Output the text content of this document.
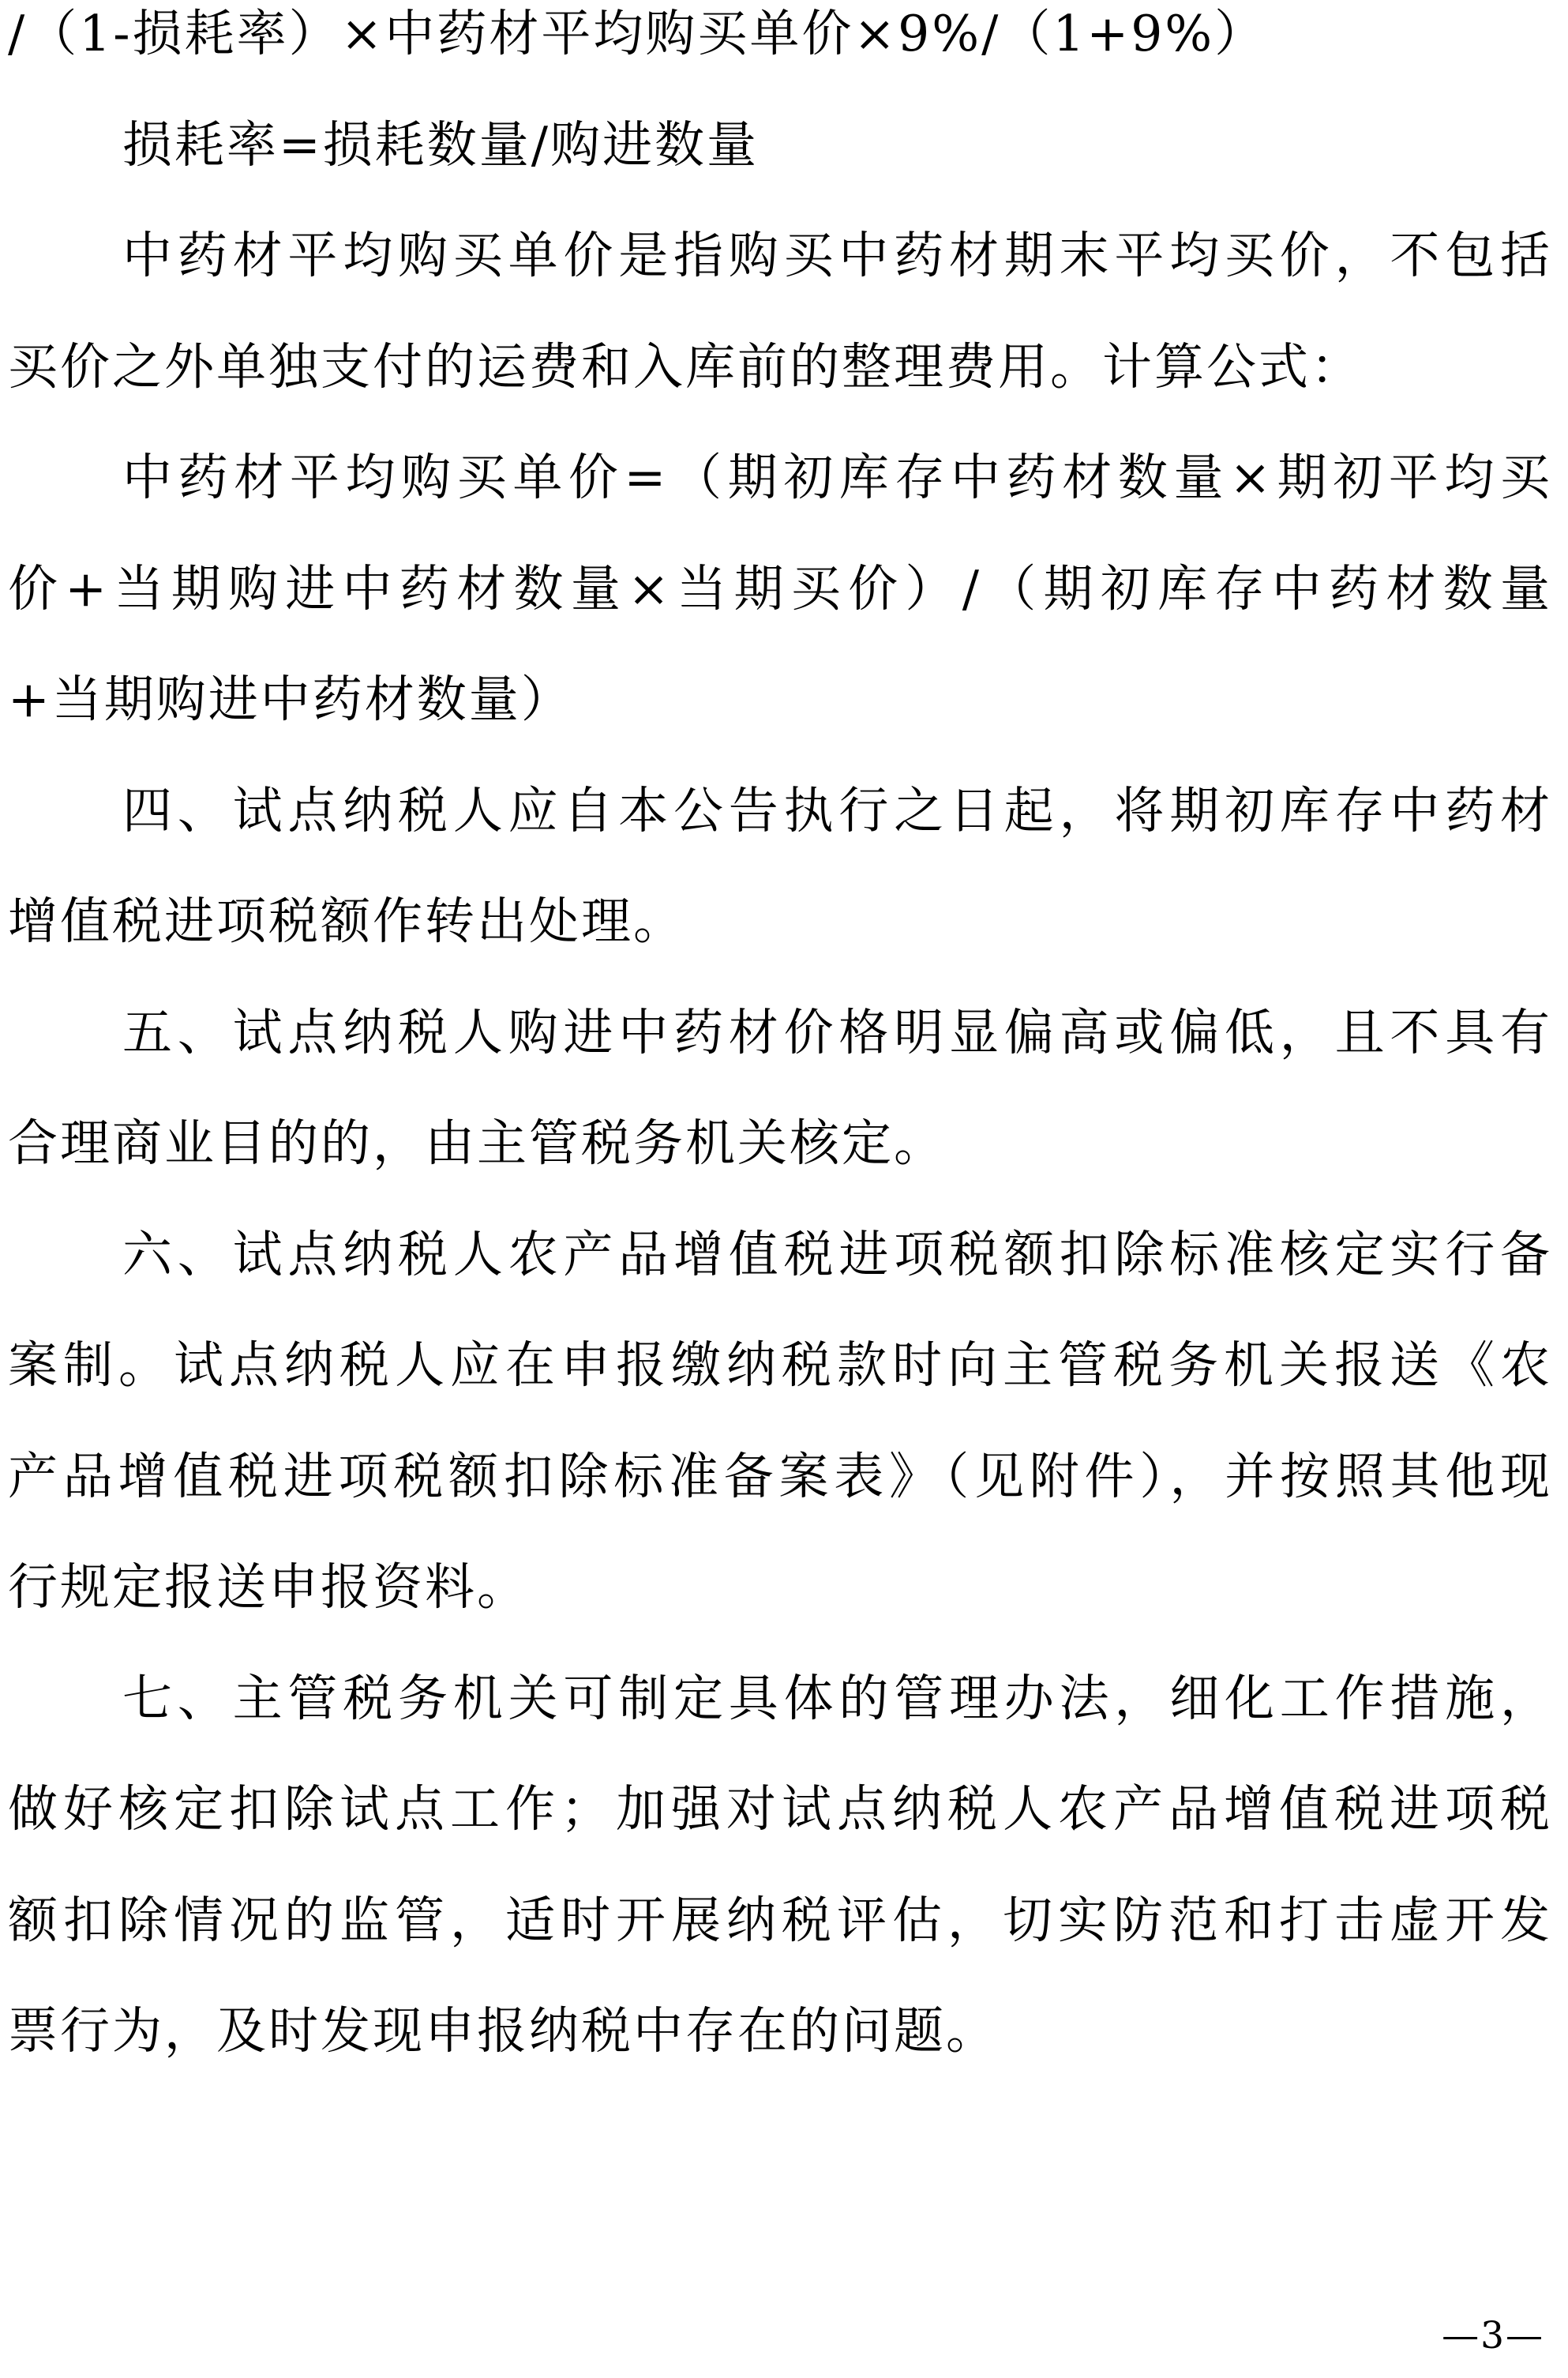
/（1-损耗率）×中药材平均购买单价×9%/（1+9%）
损耗率=损耗数量/购进数量
中药材平均购买单价是指购买中药材期末平均买价，不包括
买价之外单独支付的运费和入库前的整理费用。计算公式：
中药材平均购买单价=（期初库存中药材数量×期初平均买
价+当期购进中药材数量×当期买价）/（期初库存中药材数量
+当期购进中药材数量）
四、试点纳税人应自本公告执行之日起，将期初库存中药材
增值税进项税额作转出处理。
五、试点纳税人购进中药材价格明显偏高或偏低，且不具有
合理商业目的的，由主管税务机关核定。
六、试点纳税人农产品增值税进项税额扣除标准核定实行备
案制。试点纳税人应在申报缴纳税款时向主管税务机关报送《农
产品增值税进项税额扣除标准备案表》（见附件），并按照其他现
行规定报送申报资料。
七、主管税务机关可制定具体的管理办法，细化工作措施，
做好核定扣除试点工作；加强对试点纳税人农产品增值税进项税
额扣除情况的监管，适时开展纳税评估，切实防范和打击虚开发
票行为，及时发现申报纳税中存在的问题。
—3—
